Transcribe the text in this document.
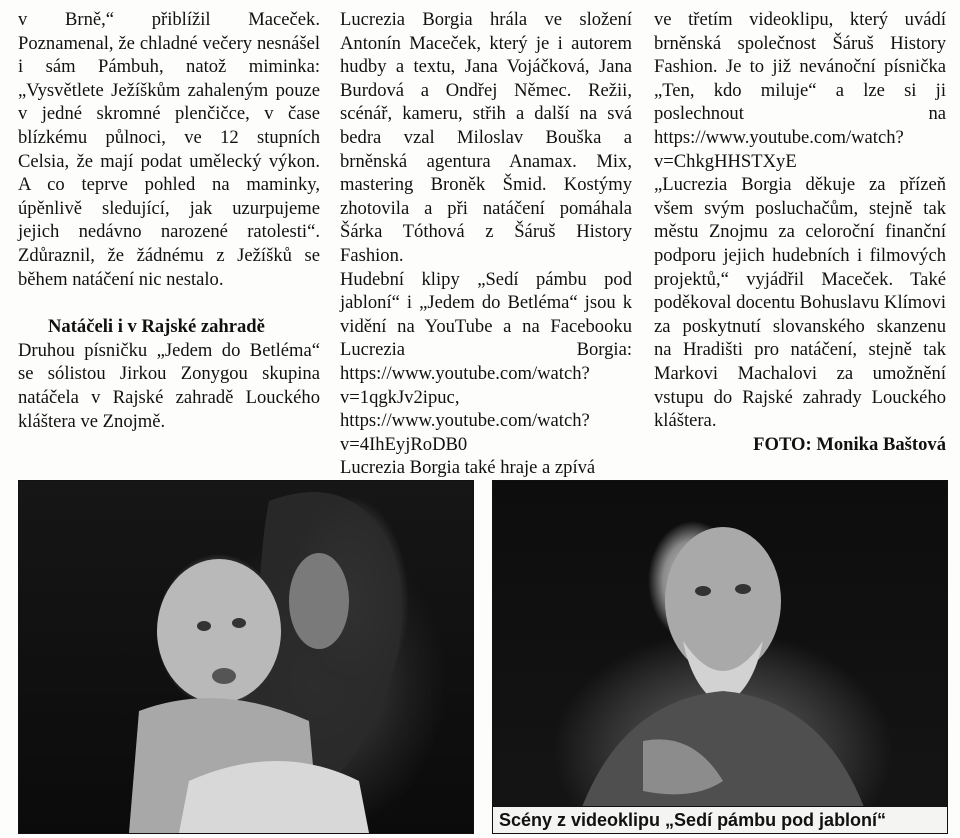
v Brně,“ přiblížil Maceček. Poznamenal, že chladné večery nesnášel i sám Pámbuh, natož miminka: „Vysvětlete Ježíškům zahaleným pouze v jedné skromné plenčičce, v čase blízkému půlnoci, ve 12 stupních Celsia, že mají podat umělecký výkon. A co teprve pohled na maminky, úpěnlivě sledující, jak uzurpujeme jejich nedávno narozené ratolesti“. Zdůraznil, že žádnému z Ježíšků se během natáčení nic nestalo.

Natáčeli i v Rajské zahradě

Druhou písničku „Jedem do Betléma“ se sólistou Jirkou Zonygou skupina natáčela v Rajské zahradě Louckého kláštera ve Znojmě.

Lucrezia Borgia hrála ve složení Antonín Maceček, který je i autorem hudby a textu, Jana Vojáčková, Jana Burdová a Ondřej Němec. Režii, scénář, kameru, střih a další na svá bedra vzal Miloslav Bouška a brněnská agentura Anamax. Mix, mastering Broněk Šmid. Kostýmy zhotovila a při natáčení pomáhala Šárka Tóthová z Šáruš History Fashion.

Hudební klipy „Sedí pámbu pod jabloní“ i „Jedem do Betléma“ jsou k vidění na YouTube a na Facebooku Lucrezia Borgia: https://www.youtube.com/watch?v=1qgkJv2ipuc, https://www.youtube.com/watch?v=4IhEyjRoDB0

Lucrezia Borgia také hraje a zpívá

ve třetím videoklipu, který uvádí brněnská společnost Šáruš History Fashion. Je to již nevánoční písnička „Ten, kdo miluje“ a lze si ji poslechnout na https://www.youtube.com/watch?v=ChkgHHSTXyE

„Lucrezia Borgia děkuje za přízeň všem svým posluchačům, stejně tak městu Znojmu za celoroční finanční podporu jejich hudebních i filmových projektů,“ vyjádřil Maceček. Také poděkoval docentu Bohuslavu Klímovi za poskytnutí slovanského skanzenu na Hradišti pro natáčení, stejně tak Markovi Machalovi za umožnění vstupu do Rajské zahrady Louckého kláštera.

FOTO: Monika Baštová

Scény z videoklipu „Sedí pámbu pod jabloní“
